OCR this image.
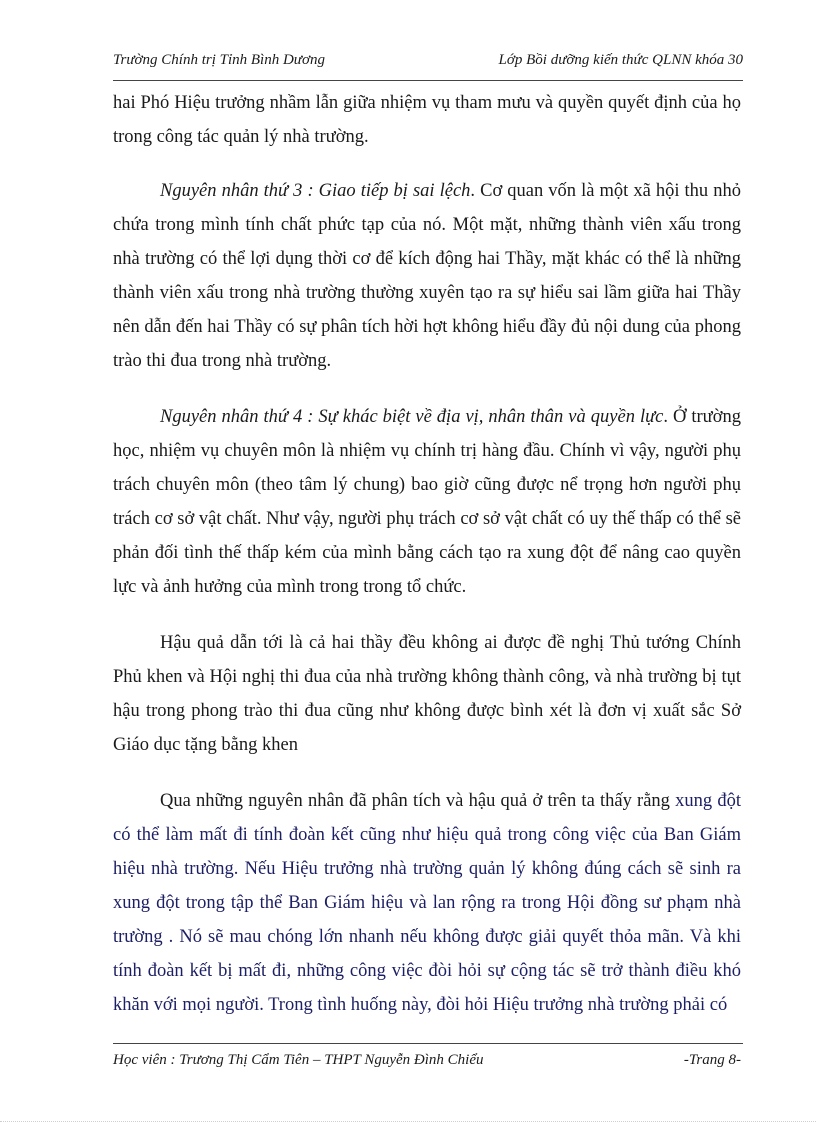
Trường Chính trị Tỉnh Bình Dương	Lớp Bồi dưỡng kiến thức QLNN khóa 30

hai Phó Hiệu trưởng nhầm lẫn giữa nhiệm vụ tham mưu và quyền quyết định của họ trong công tác quản lý nhà trường.

Nguyên nhân thứ 3 : Giao tiếp bị sai lệch. Cơ quan vốn là một xã hội thu nhỏ chứa trong mình tính chất phức tạp của nó. Một mặt, những thành viên xấu trong nhà trường có thể lợi dụng thời cơ để kích động hai Thầy, mặt khác có thể là những thành viên xấu trong nhà trường thường xuyên tạo ra sự hiểu sai lầm giữa hai Thầy nên dẫn đến hai Thầy có sự phân tích hời hợt không hiểu đầy đủ nội dung của phong trào thi đua trong nhà trường.

Nguyên nhân thứ 4 : Sự khác biệt về địa vị, nhân thân và quyền lực. Ở trường học, nhiệm vụ chuyên môn là nhiệm vụ chính trị hàng đầu. Chính vì vậy, người phụ trách chuyên môn (theo tâm lý chung) bao giờ cũng được nể trọng hơn người phụ trách cơ sở vật chất. Như vậy, người phụ trách cơ sở vật chất có uy thế thấp có thể sẽ phản đối tình thế thấp kém của mình bằng cách tạo ra xung đột để nâng cao quyền lực và ảnh hưởng của mình trong trong tổ chức.

Hậu quả dẫn tới là cả hai thầy đều không ai được đề nghị Thủ tướng Chính Phủ khen và Hội nghị thi đua của nhà trường không thành công, và nhà trường bị tụt hậu trong phong trào thi đua cũng như không được bình xét là đơn vị xuất sắc Sở Giáo dục tặng bằng khen

Qua những nguyên nhân đã phân tích và hậu quả ở trên ta thấy rằng xung đột có thể làm mất đi tính đoàn kết cũng như hiệu quả trong công việc của Ban Giám hiệu nhà trường. Nếu Hiệu trưởng nhà trường quản lý không đúng cách sẽ sinh ra xung đột trong tập thể Ban Giám hiệu và lan rộng ra trong Hội đồng sư phạm nhà trường . Nó sẽ mau chóng lớn nhanh nếu không được giải quyết thỏa mãn. Và khi tính đoàn kết bị mất đi, những công việc đòi hỏi sự cộng tác sẽ trở thành điều khó khăn với mọi người. Trong tình huống này, đòi hỏi Hiệu trưởng nhà trường phải có

Học viên : Trương Thị Cẩm Tiên – THPT Nguyễn Đình Chiểu	-Trang 8-
